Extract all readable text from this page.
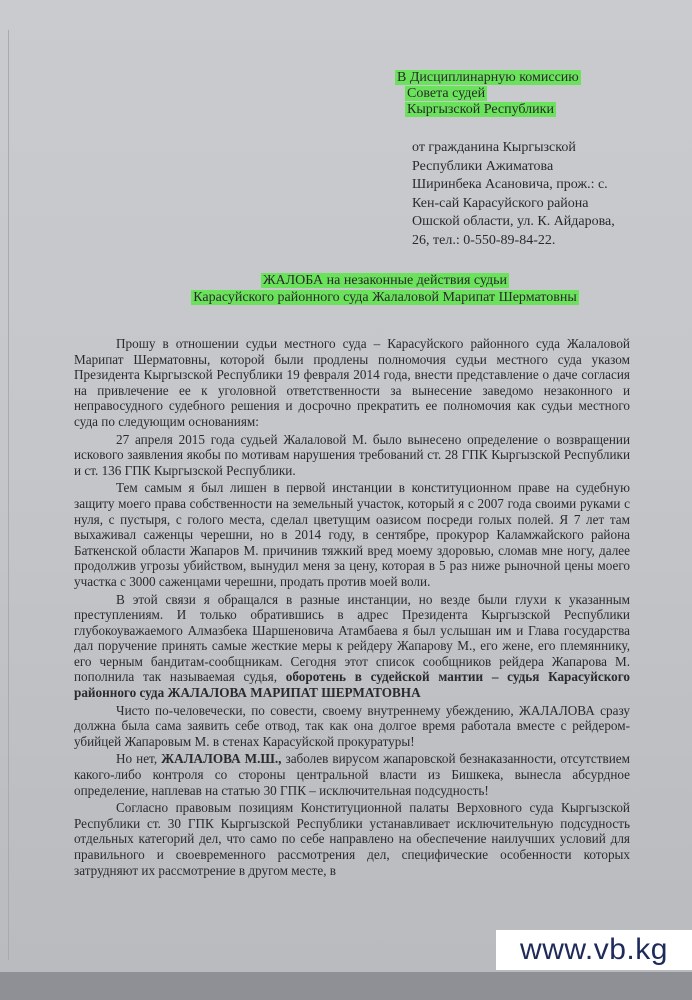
В Дисциплинарную комиссию
Совета судей
Кыргызской Республики
от гражданина Кыргызской
Республики Ажиматова
Ширинбека Асановича, прож.: с.
Кен-сай Карасуйского района
Ошской области, ул. К. Айдарова,
26, тел.: 0-550-89-84-22.
ЖАЛОБА на незаконные действия судьи
Карасуйского районного суда Жалаловой Марипат Шерматовны

Прошу в отношении судьи местного суда – Карасуйского районного суда Жалаловой Марипат Шерматовны, которой были продлены полномочия судьи местного суда указом Президента Кыргызской Республики 19 февраля 2014 года, внести представление о даче согласия на привлечение ее к уголовной ответственности за вынесение заведомо незаконного и неправосудного судебного решения и досрочно прекратить ее полномочия как судьи местного суда по следующим основаниям:

27 апреля 2015 года судьей Жалаловой М. было вынесено определение о возвращении искового заявления якобы по мотивам нарушения требований ст. 28 ГПК Кыргызской Республики и ст. 136 ГПК Кыргызской Республики.

Тем самым я был лишен в первой инстанции в конституционном праве на судебную защиту моего права собственности на земельный участок, который я с 2007 года своими руками с нуля, с пустыря, с голого места, сделал цветущим оазисом посреди голых полей. Я 7 лет там выхаживал саженцы черешни, но в 2014 году, в сентябре, прокурор Каламжайского района Баткенской области Жапаров М. причинив тяжкий вред моему здоровью, сломав мне ногу, далее продолжив угрозы убийством, вынудил меня за цену, которая в 5 раз ниже рыночной цены моего участка с 3000 саженцами черешни, продать против моей воли.

В этой связи я обращался в разные инстанции, но везде были глухи к указанным преступлениям. И только обратившись в адрес Президента Кыргызской Республики глубокоуважаемого Алмазбека Шаршеновича Атамбаева я был услышан им и Глава государства дал поручение принять самые жесткие меры к рейдеру Жапарову М., его жене, его племяннику, его черным бандитам-сообщникам. Сегодня этот список сообщников рейдера Жапарова М. пополнила так называемая судья, оборотень в судейской мантии – судья Карасуйского районного суда ЖАЛАЛОВА МАРИПАТ ШЕРМАТОВНА

Чисто по-человечески, по совести, своему внутреннему убеждению, ЖАЛАЛОВА сразу должна была сама заявить себе отвод, так как она долгое время работала вместе с рейдером-убийцей Жапаровым М. в стенах Карасуйской прокуратуры!

Но нет, ЖАЛАЛОВА М.Ш., заболев вирусом жапаровской безнаказанности, отсутствием какого-либо контроля со стороны центральной власти из Бишкека, вынесла абсурдное определение, наплевав на статью 30 ГПК – исключительная подсудность!

Согласно правовым позициям Конституционной палаты Верховного суда Кыргызской Республики ст. 30 ГПК Кыргызской Республики устанавливает исключительную подсудность отдельных категорий дел, что само по себе направлено на обеспечение наилучших условий для правильного и своевременного рассмотрения дел, специфические особенности которых затрудняют их рассмотрение в другом месте, в

www.vb.kg
